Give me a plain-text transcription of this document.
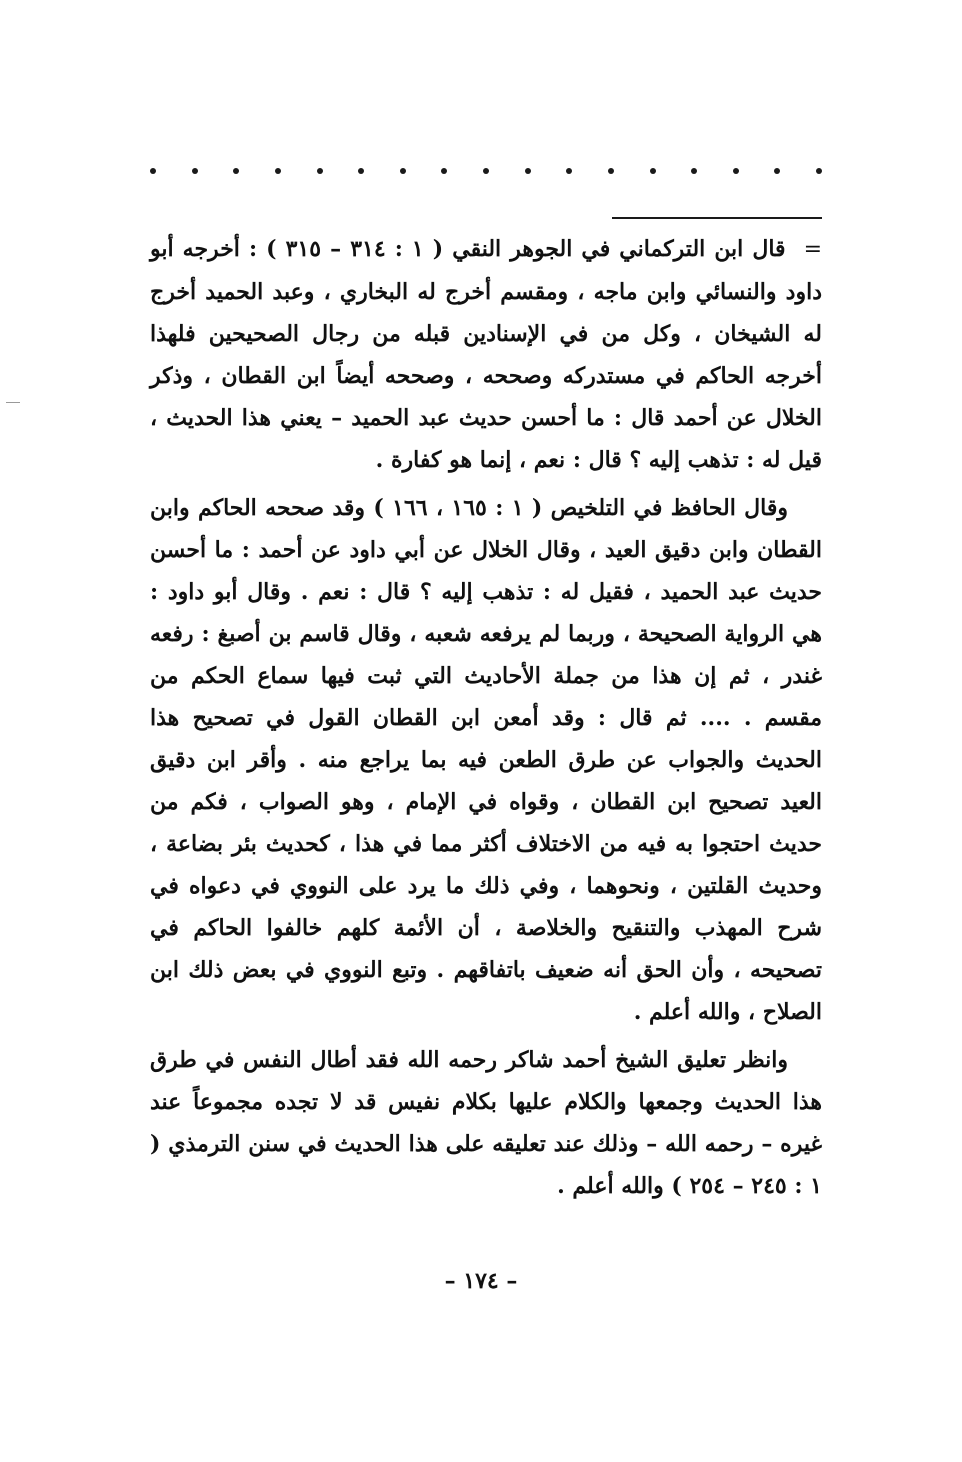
=قال ابن التركماني في الجوهر النقي ( ١ : ٣١٤ – ٣١٥ ) : أخرجه أبو داود والنسائي وابن ماجه ، ومقسم أخرج له البخاري ، وعبد الحميد أخرج له الشيخان ، وكل من في الإسنادين قبله من رجال الصحيحين فلهذا أخرجه الحاكم في مستدركه وصححه ، وصححه أيضاً ابن القطان ، وذكر الخلال عن أحمد قال : ما أحسن حديث عبد الحميد – يعني هذا الحديث ، قيل له : تذهب إليه ؟ قال : نعم ، إنما هو كفارة .

وقال الحافظ في التلخيص ( ١ : ١٦٥ ، ١٦٦ ) وقد صححه الحاكم وابن القطان وابن دقيق العيد ، وقال الخلال عن أبي داود عن أحمد : ما أحسن حديث عبد الحميد ، فقيل له : تذهب إليه ؟ قال : نعم . وقال أبو داود : هي الرواية الصحيحة ، وربما لم يرفعه شعبه ، وقال قاسم بن أصبغ : رفعه غندر ، ثم إن هذا من جملة الأحاديث التي ثبت فيها سماع الحكم من مقسم . .... ثم قال : وقد أمعن ابن القطان القول في تصحيح هذا الحديث والجواب عن طرق الطعن فيه بما يراجع منه . وأقر ابن دقيق العيد تصحيح ابن القطان ، وقواه في الإمام ، وهو الصواب ، فكم من حديث احتجوا به فيه من الاختلاف أكثر مما في هذا ، كحديث بئر بضاعة ، وحديث القلتين ، ونحوهما ، وفي ذلك ما يرد على النووي في دعواه في شرح المهذب والتنقيح والخلاصة ، أن الأئمة كلهم خالفوا الحاكم في تصحيحه ، وأن الحق أنه ضعيف باتفاقهم . وتبع النووي في بعض ذلك ابن الصلاح ، والله أعلم .

وانظر تعليق الشيخ أحمد شاكر رحمه الله فقد أطال النفس في طرق هذا الحديث وجمعها والكلام عليها بكلام نفيس قد لا تجده مجموعاً عند غيره – رحمه الله – وذلك عند تعليقه على هذا الحديث في سنن الترمذي ( ١ : ٢٤٥ – ٢٥٤ ) والله أعلم .

– ١٧٤ –
